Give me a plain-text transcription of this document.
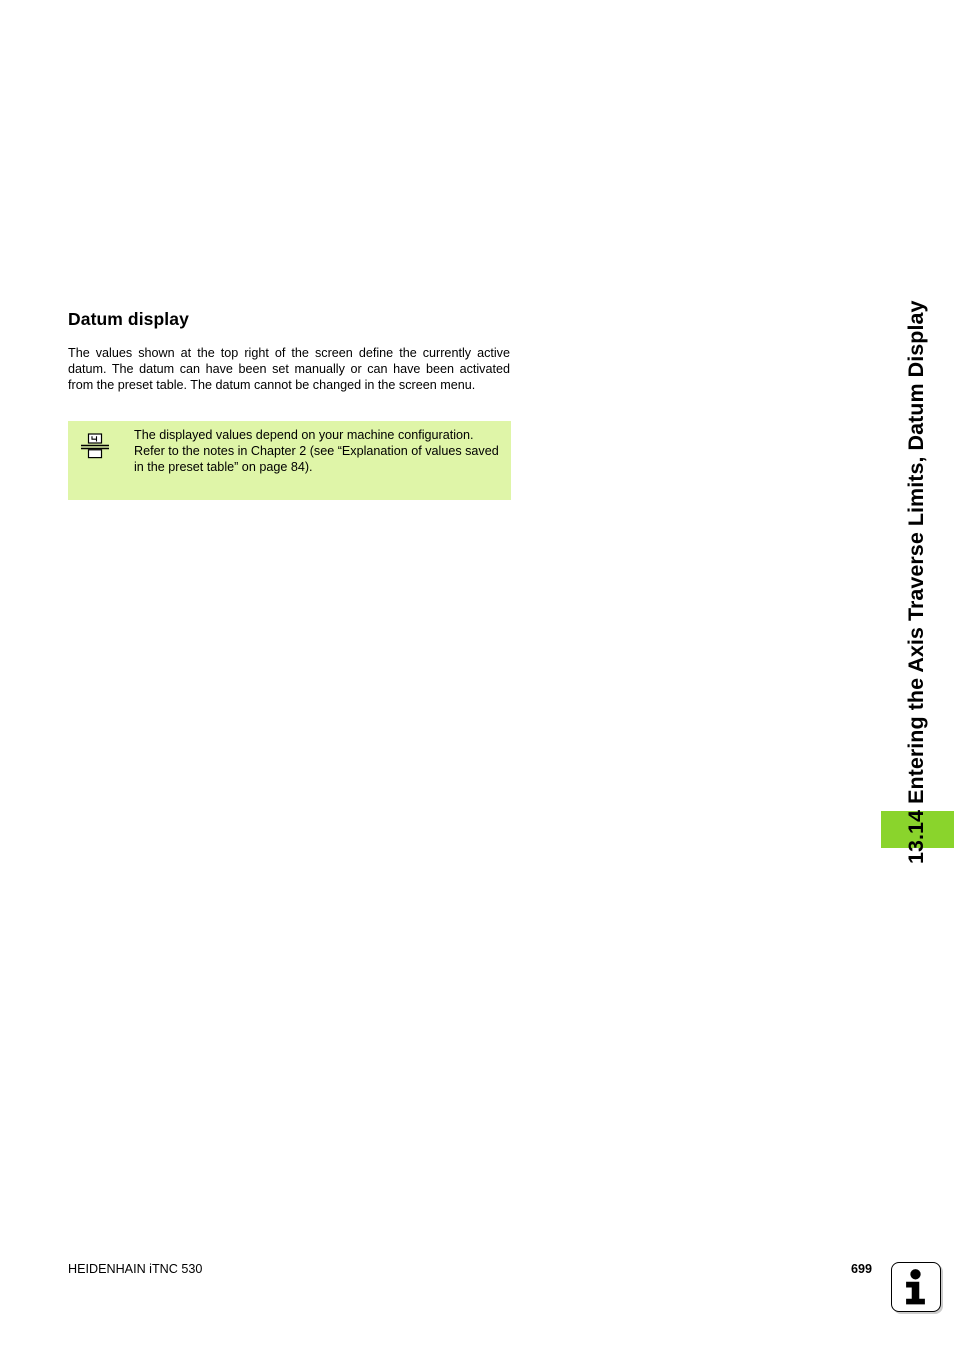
Datum display

The values shown at the top right of the screen define the currently active datum. The datum can have been set manually or can have been activated from the preset table. The datum cannot be changed in the screen menu.

The displayed values depend on your machine configuration. Refer to the notes in Chapter 2 (see “Explanation of values saved in the preset table” on page 84).	13.14 Entering the Axis Traverse Limits, Datum Display

HEIDENHAIN iTNC 530	699
